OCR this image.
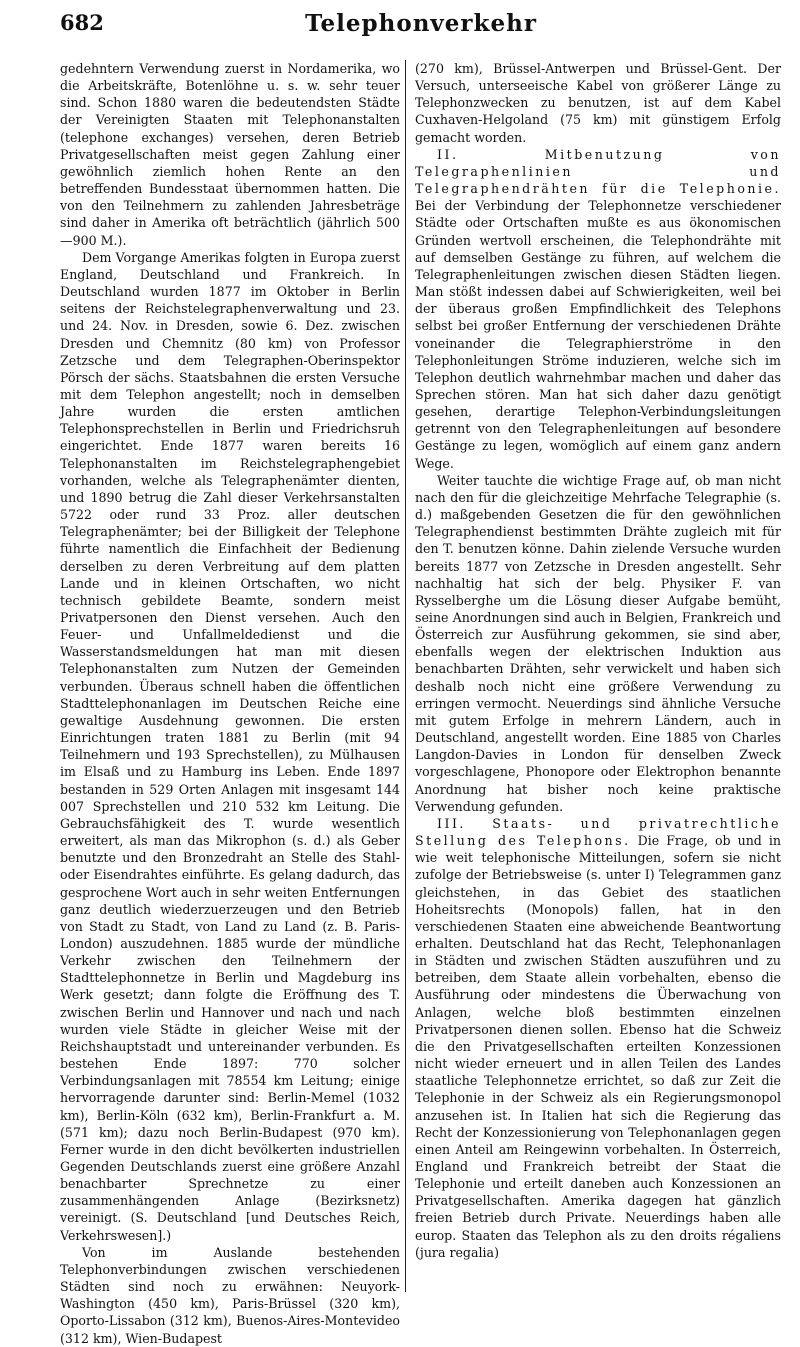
682	Telephonverkehr

gedehntern Verwendung zuerst in Nordamerika, wo die Arbeitskräfte, Botenlöhne u. s. w. sehr teuer sind. Schon 1880 waren die bedeutendsten Städte der Vereinigten Staaten mit Telephonanstalten (telephone exchanges) versehen, deren Betrieb Privatgesellschaften meist gegen Zahlung einer gewöhnlich ziemlich hohen Rente an den betreffenden Bundesstaat übernommen hatten. Die von den Teilnehmern zu zahlenden Jahresbeträge sind daher in Amerika oft beträchtlich (jährlich 500—900 M.).

Dem Vorgange Amerikas folgten in Europa zuerst England, Deutschland und Frankreich. In Deutschland wurden 1877 im Oktober in Berlin seitens der Reichstelegraphenverwaltung und 23. und 24. Nov. in Dresden, sowie 6. Dez. zwischen Dresden und Chemnitz (80 km) von Professor Zetzsche und dem Telegraphen-Oberinspektor Pörsch der sächs. Staatsbahnen die ersten Versuche mit dem Telephon angestellt; noch in demselben Jahre wurden die ersten amtlichen Telephonsprechstellen in Berlin und Friedrichsruh eingerichtet. Ende 1877 waren bereits 16 Telephonanstalten im Reichstelegraphengebiet vorhanden, welche als Telegraphenämter dienten, und 1890 betrug die Zahl dieser Verkehrsanstalten 5722 oder rund 33 Proz. aller deutschen Telegraphenämter; bei der Billigkeit der Telephone führte namentlich die Einfachheit der Bedienung derselben zu deren Verbreitung auf dem platten Lande und in kleinen Ortschaften, wo nicht technisch gebildete Beamte, sondern meist Privatpersonen den Dienst versehen. Auch den Feuer- und Unfallmeldedienst und die Wasserstandsmeldungen hat man mit diesen Telephonanstalten zum Nutzen der Gemeinden verbunden. Überaus schnell haben die öffentlichen Stadttelephonanlagen im Deutschen Reiche eine gewaltige Ausdehnung gewonnen. Die ersten Einrichtungen traten 1881 zu Berlin (mit 94 Teilnehmern und 193 Sprechstellen), zu Mülhausen im Elsaß und zu Hamburg ins Leben. Ende 1897 bestanden in 529 Orten Anlagen mit insgesamt 144 007 Sprechstellen und 210 532 km Leitung. Die Gebrauchsfähigkeit des T. wurde wesentlich erweitert, als man das Mikrophon (s. d.) als Geber benutzte und den Bronzedraht an Stelle des Stahl- oder Eisendrahtes einführte. Es gelang dadurch, das gesprochene Wort auch in sehr weiten Entfernungen ganz deutlich wiederzuerzeugen und den Betrieb von Stadt zu Stadt, von Land zu Land (z. B. Paris-London) auszudehnen. 1885 wurde der mündliche Verkehr zwischen den Teilnehmern der Stadttelephonnetze in Berlin und Magdeburg ins Werk gesetzt; dann folgte die Eröffnung des T. zwischen Berlin und Hannover und nach und nach wurden viele Städte in gleicher Weise mit der Reichshauptstadt und untereinander verbunden. Es bestehen Ende 1897: 770 solcher Verbindungsanlagen mit 78554 km Leitung; einige hervorragende darunter sind: Berlin-Memel (1032 km), Berlin-Köln (632 km), Berlin-Frankfurt a. M. (571 km); dazu noch Berlin-Budapest (970 km). Ferner wurde in den dicht bevölkerten industriellen Gegenden Deutschlands zuerst eine größere Anzahl benachbarter Sprechnetze zu einer zusammenhängenden Anlage (Bezirksnetz) vereinigt. (S. Deutschland [und Deutsches Reich, Verkehrswesen].)

Von im Auslande bestehenden Telephonverbindungen zwischen verschiedenen Städten sind noch zu erwähnen: Neuyork-Washington (450 km), Paris-Brüssel (320 km), Oporto-Lissabon (312 km), Buenos-Aires-Montevideo (312 km), Wien-Budapest

(270 km), Brüssel-Antwerpen und Brüssel-Gent. Der Versuch, unterseeische Kabel von größerer Länge zu Telephonzwecken zu benutzen, ist auf dem Kabel Cuxhaven-Helgoland (75 km) mit günstigem Erfolg gemacht worden.

II. Mitbenutzung von Telegraphenlinien und Telegraphendrähten für die Telephonie. Bei der Verbindung der Telephonnetze verschiedener Städte oder Ortschaften mußte es aus ökonomischen Gründen wertvoll erscheinen, die Telephondrähte mit auf demselben Gestänge zu führen, auf welchem die Telegraphenleitungen zwischen diesen Städten liegen. Man stößt indessen dabei auf Schwierigkeiten, weil bei der überaus großen Empfindlichkeit des Telephons selbst bei großer Entfernung der verschiedenen Drähte voneinander die Telegraphierströme in den Telephonleitungen Ströme induzieren, welche sich im Telephon deutlich wahrnehmbar machen und daher das Sprechen stören. Man hat sich daher dazu genötigt gesehen, derartige Telephon-Verbindungsleitungen getrennt von den Telegraphenleitungen auf besondere Gestänge zu legen, womöglich auf einem ganz andern Wege.

Weiter tauchte die wichtige Frage auf, ob man nicht nach den für die gleichzeitige Mehrfache Telegraphie (s. d.) maßgebenden Gesetzen die für den gewöhnlichen Telegraphendienst bestimmten Drähte zugleich mit für den T. benutzen könne. Dahin zielende Versuche wurden bereits 1877 von Zetzsche in Dresden angestellt. Sehr nachhaltig hat sich der belg. Physiker F. van Rysselberghe um die Lösung dieser Aufgabe bemüht, seine Anordnungen sind auch in Belgien, Frankreich und Österreich zur Ausführung gekommen, sie sind aber, ebenfalls wegen der elektrischen Induktion aus benachbarten Drähten, sehr verwickelt und haben sich deshalb noch nicht eine größere Verwendung zu erringen vermocht. Neuerdings sind ähnliche Versuche mit gutem Erfolge in mehrern Ländern, auch in Deutschland, angestellt worden. Eine 1885 von Charles Langdon-Davies in London für denselben Zweck vorgeschlagene, Phonopore oder Elektrophon benannte Anordnung hat bisher noch keine praktische Verwendung gefunden.

III. Staats- und privatrechtliche Stellung des Telephons. Die Frage, ob und in wie weit telephonische Mitteilungen, sofern sie nicht zufolge der Betriebsweise (s. unter I) Telegrammen ganz gleichstehen, in das Gebiet des staatlichen Hoheitsrechts (Monopols) fallen, hat in den verschiedenen Staaten eine abweichende Beantwortung erhalten. Deutschland hat das Recht, Telephonanlagen in Städten und zwischen Städten auszuführen und zu betreiben, dem Staate allein vorbehalten, ebenso die Ausführung oder mindestens die Überwachung von Anlagen, welche bloß bestimmten einzelnen Privatpersonen dienen sollen. Ebenso hat die Schweiz die den Privatgesellschaften erteilten Konzessionen nicht wieder erneuert und in allen Teilen des Landes staatliche Telephonnetze errichtet, so daß zur Zeit die Telephonie in der Schweiz als ein Regierungsmonopol anzusehen ist. In Italien hat sich die Regierung das Recht der Konzessionierung von Telephonanlagen gegen einen Anteil am Reingewinn vorbehalten. In Österreich, England und Frankreich betreibt der Staat die Telephonie und erteilt daneben auch Konzessionen an Privatgesellschaften. Amerika dagegen hat gänzlich freien Betrieb durch Private. Neuerdings haben alle europ. Staaten das Telephon als zu den droits régaliens (jura regalia)
